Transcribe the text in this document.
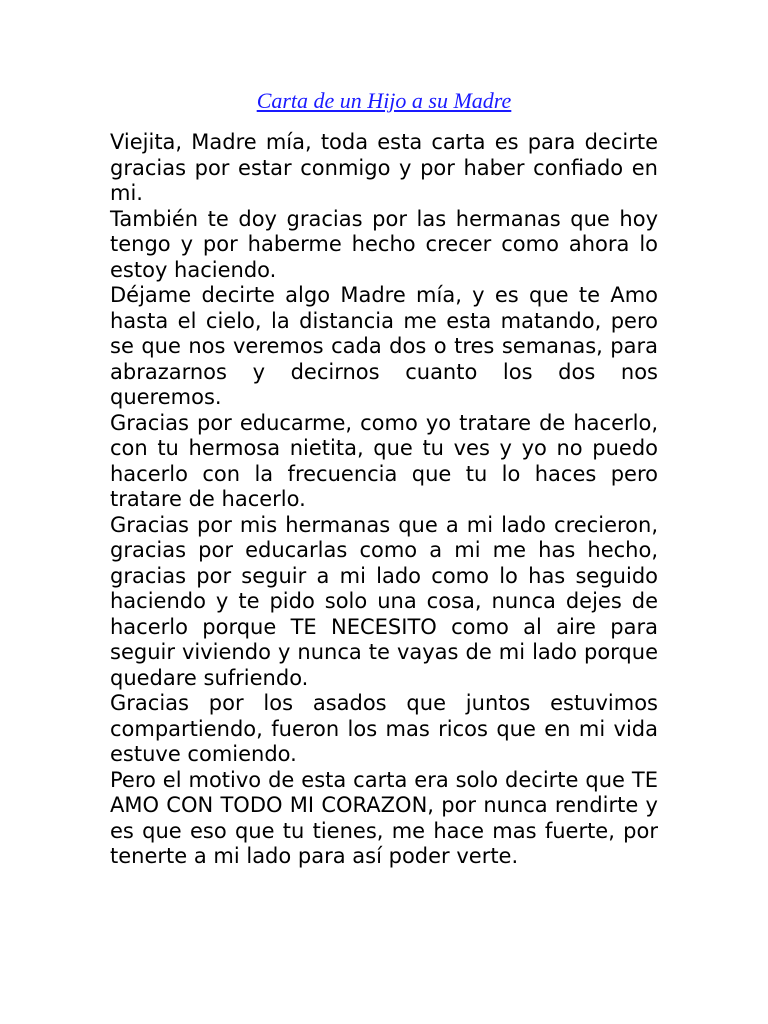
Carta de un Hijo a su Madre

Viejita, Madre mía, toda esta carta es para decirte gracias por estar conmigo y por haber confiado en mi.

También te doy gracias por las hermanas que hoy tengo y por haberme hecho crecer como ahora lo estoy haciendo.

Déjame decirte algo Madre mía, y es que te Amo hasta el cielo, la distancia me esta matando, pero se que nos veremos cada dos o tres semanas, para abrazarnos y decirnos cuanto los dos nos queremos.

Gracias por educarme, como yo tratare de hacerlo, con tu hermosa nietita, que tu ves y yo no puedo hacerlo con la frecuencia que tu lo haces pero tratare de hacerlo.

Gracias por mis hermanas que a mi lado crecieron, gracias por educarlas como a mi me has hecho, gracias por seguir a mi lado como lo has seguido haciendo y te pido solo una cosa, nunca dejes de hacerlo porque TE NECESITO como al aire para seguir viviendo y nunca te vayas de mi lado porque quedare sufriendo.

Gracias por los asados que juntos estuvimos compartiendo, fueron los mas ricos que en mi vida estuve comiendo.

Pero el motivo de esta carta era solo decirte que TE AMO CON TODO MI CORAZON, por nunca rendirte y es que eso que tu tienes, me hace mas fuerte, por tenerte a mi lado para así poder verte.
